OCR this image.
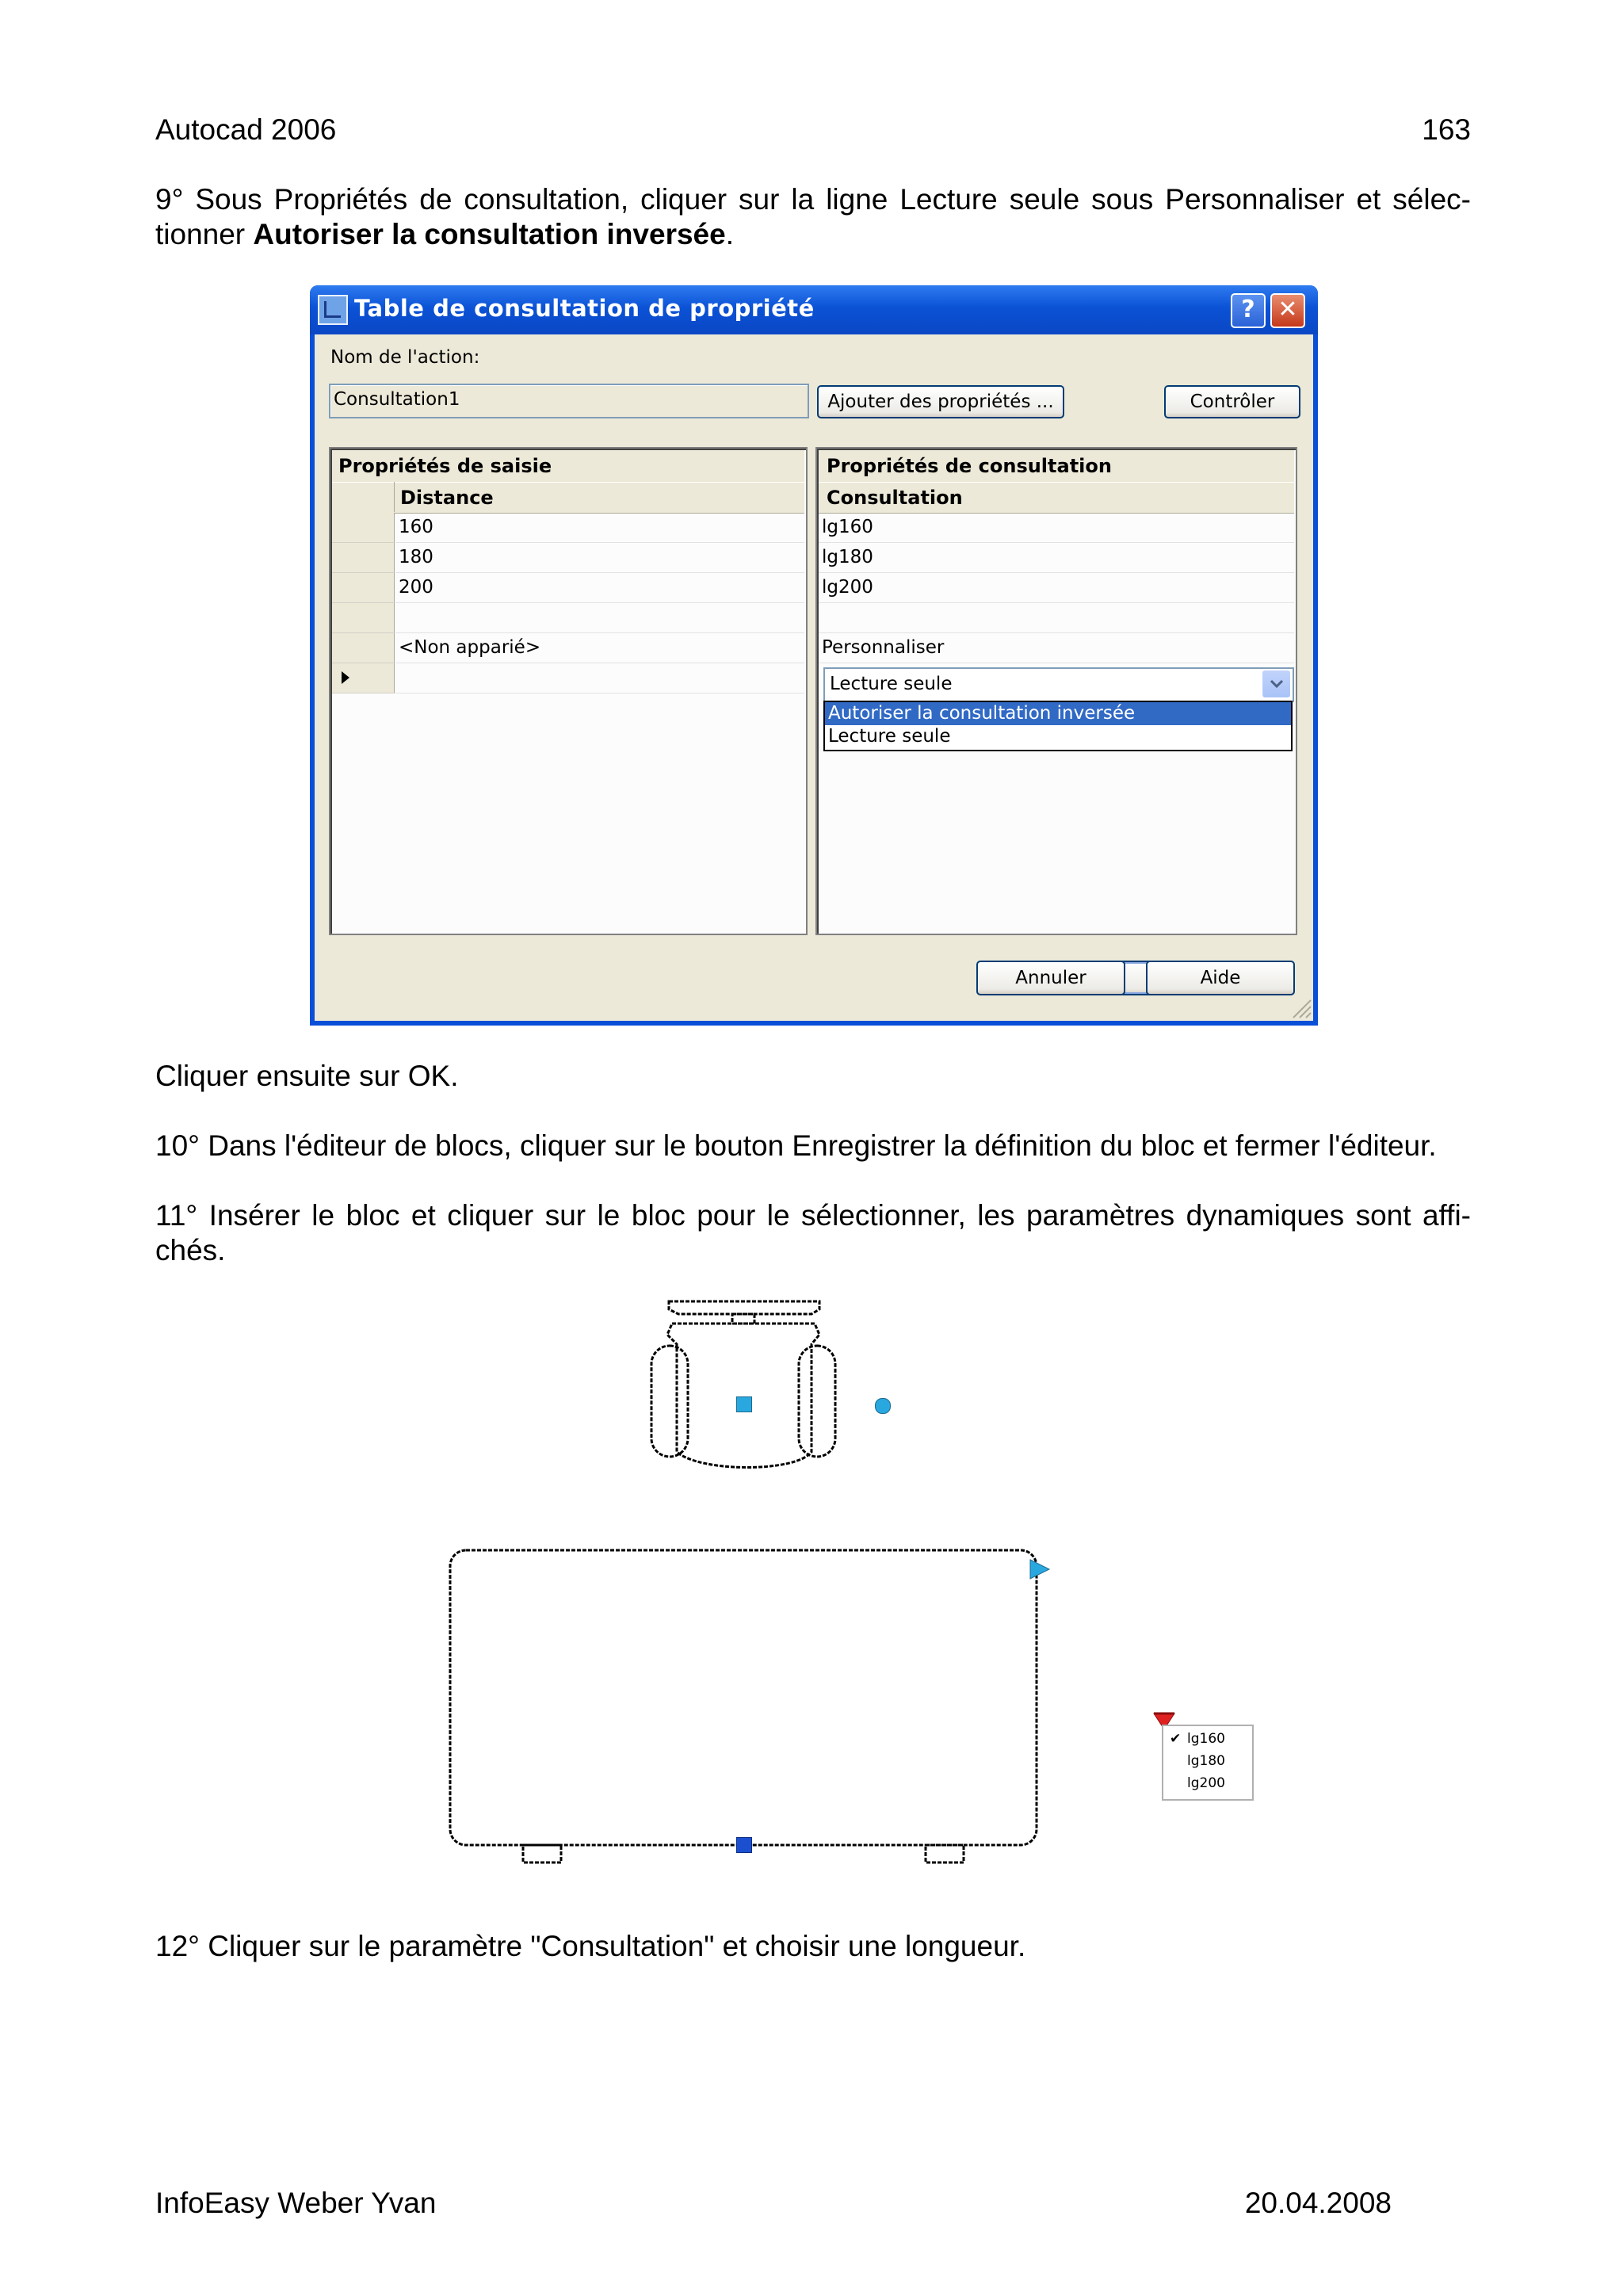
Autocad 2006	163
9° Sous Propriétés de consultation, cliquer sur la ligne Lecture seule sous Personnaliser et sélec-
tionner Autoriser la consultation inversée.
Table de consultation de propriété	? ✕
Nom de l'action:
Consultation1	Ajouter des propriétés ...	Contrôler
Propriétés de saisie
Distance
160
180
200
<Non apparié>
Propriétés de consultation
Consultation
lg160
lg180
lg200
Personnaliser
Lecture seule
Autoriser la consultation inversée
Lecture seule
Annuler	Aide
Cliquer ensuite sur OK.
10° Dans l'éditeur de blocs, cliquer sur le bouton Enregistrer la définition du bloc et fermer l'éditeur.
11° Insérer le bloc et cliquer sur le bloc pour le sélectionner, les paramètres dynamiques sont affi-
chés.
✔ lg160
lg180
lg200
12° Cliquer sur le paramètre "Consultation" et choisir une longueur.
InfoEasy Weber Yvan	20.04.2008
